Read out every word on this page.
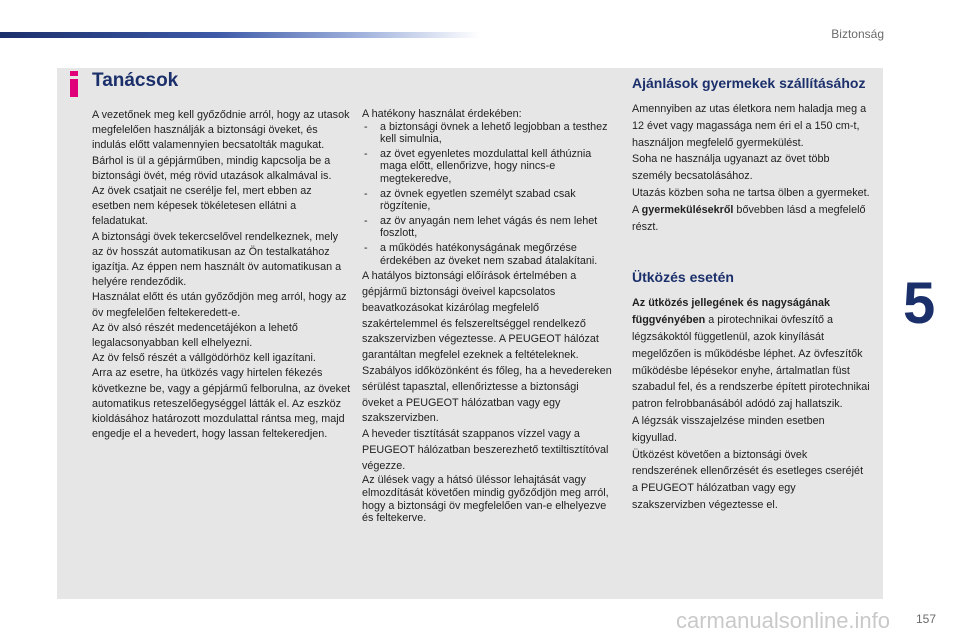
Biztonság
Tanácsok

A vezetőnek meg kell győződnie arról, hogy az utasok megfelelően használják a biztonsági öveket, és indulás előtt valamennyien becsatolták magukat.

Bárhol is ül a gépjárműben, mindig kapcsolja be a biztonsági övét, még rövid utazások alkalmával is.

Az övek csatjait ne cserélje fel, mert ebben az esetben nem képesek tökéletesen ellátni a feladatukat.

A biztonsági övek tekercselővel rendelkeznek, mely az öv hosszát automatikusan az Ön testalkatához igazítja. Az éppen nem használt öv automatikusan a helyére rendeződik.

Használat előtt és után győződjön meg arról, hogy az öv megfelelően feltekeredett-e.

Az öv alsó részét medencetájékon a lehető legalacsonyabban kell elhelyezni.

Az öv felső részét a vállgödörhöz kell igazítani.

Arra az esetre, ha ütközés vagy hirtelen fékezés következne be, vagy a gépjármű felborulna, az öveket automatikus reteszelőegységgel látták el. Az eszköz kioldásához határozott mozdulattal rántsa meg, majd engedje el a hevedert, hogy lassan feltekeredjen.

A hatékony használat érdekében:

- a biztonsági övnek a lehető legjobban a testhez kell simulnia,
- az övet egyenletes mozdulattal kell áthúznia maga előtt, ellenőrizve, hogy nincs-e megtekeredve,
- az övnek egyetlen személyt szabad csak rögzítenie,
- az öv anyagán nem lehet vágás és nem lehet foszlott,
- a működés hatékonyságának megőrzése érdekében az öveket nem szabad átalakítani.

A hatályos biztonsági előírások értelmében a gépjármű biztonsági öveivel kapcsolatos beavatkozásokat kizárólag megfelelő szakértelemmel és felszereltséggel rendelkező szakszervizben végeztesse. A PEUGEOT hálózat garantáltan megfelel ezeknek a feltételeknek.

Szabályos időközönként és főleg, ha a hevedereken sérülést tapasztal, ellenőriztesse a biztonsági öveket a PEUGEOT hálózatban vagy egy szakszervizben.

A heveder tisztítását szappanos vízzel vagy a PEUGEOT hálózatban beszerezhető textiltisztítóval végezze.

Az ülések vagy a hátsó üléssor lehajtását vagy elmozdítását követően mindig győződjön meg arról, hogy a biztonsági öv megfelelően van-e elhelyezve és feltekerve.

Ajánlások gyermekek szállításához

Amennyiben az utas életkora nem haladja meg a 12 évet vagy magassága nem éri el a 150 cm-t, használjon megfelelő gyermekülést.

Soha ne használja ugyanazt az övet több személy becsatolásához.

Utazás közben soha ne tartsa ölben a gyermeket.

A gyermekülésekről bővebben lásd a megfelelő részt.

Ütközés esetén

Az ütközés jellegének és nagyságának függvényében a pirotechnikai övfeszítő a légzsákoktól függetlenül, azok kinyílását megelőzően is működésbe léphet. Az övfeszítők működésbe lépésekor enyhe, ártalmatlan füst szabadul fel, és a rendszerbe épített pirotechnikai patron felrobbanásából adódó zaj hallatszik.

A légzsák visszajelzése minden esetben kigyullad.

Ütközést követően a biztonsági övek rendszerének ellenőrzését és esetleges cseréjét a PEUGEOT hálózatban vagy egy szakszervizben végeztesse el.

5
carmanualsonline.info 157
